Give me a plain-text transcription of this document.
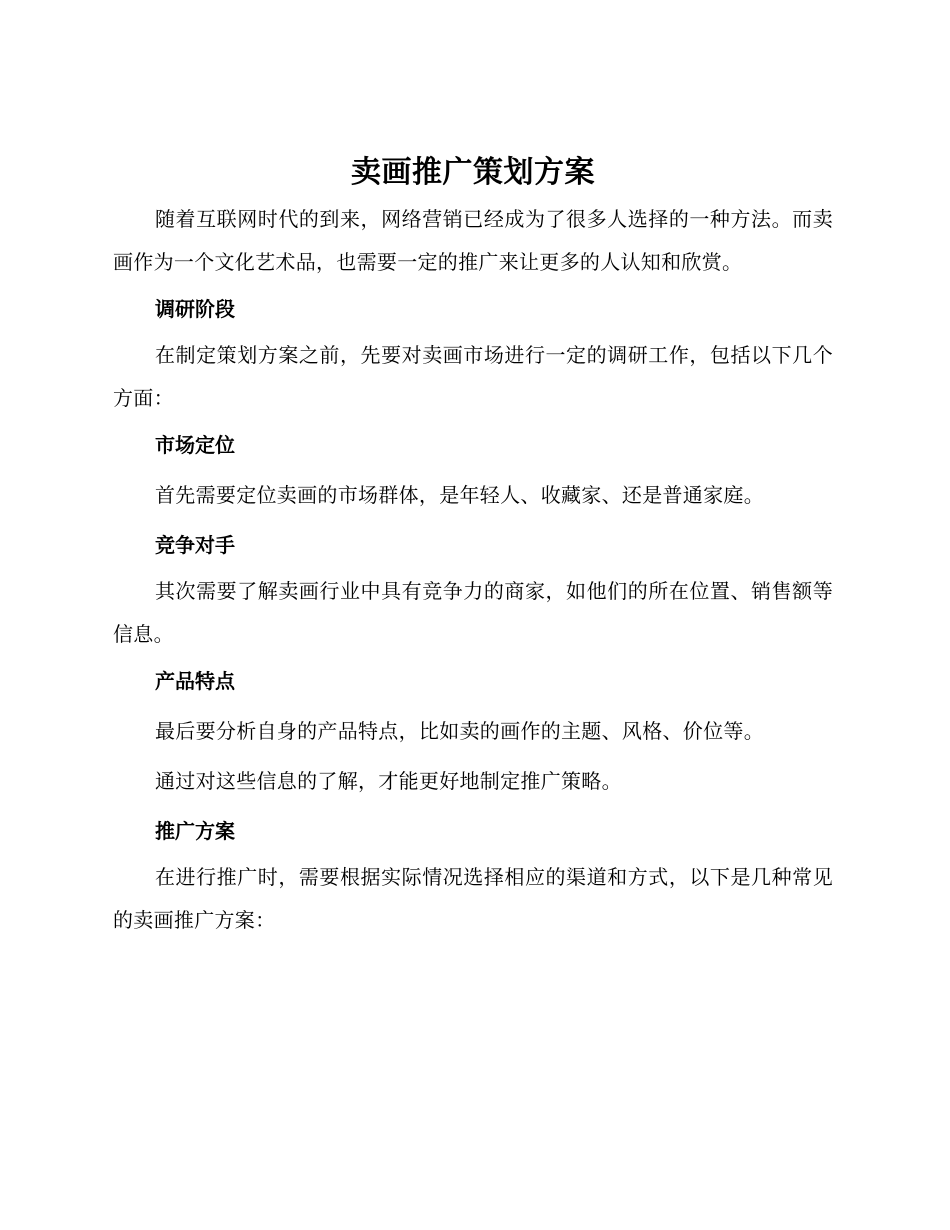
卖画推广策划方案

随着互联网时代的到来，网络营销已经成为了很多人选择的一种方法。而卖画作为一个文化艺术品，也需要一定的推广来让更多的人认知和欣赏。

调研阶段

在制定策划方案之前，先要对卖画市场进行一定的调研工作，包括以下几个方面：

市场定位

首先需要定位卖画的市场群体，是年轻人、收藏家、还是普通家庭。

竞争对手

其次需要了解卖画行业中具有竞争力的商家，如他们的所在位置、销售额等信息。

产品特点

最后要分析自身的产品特点，比如卖的画作的主题、风格、价位等。

通过对这些信息的了解，才能更好地制定推广策略。

推广方案

在进行推广时，需要根据实际情况选择相应的渠道和方式，以下是几种常见的卖画推广方案：
